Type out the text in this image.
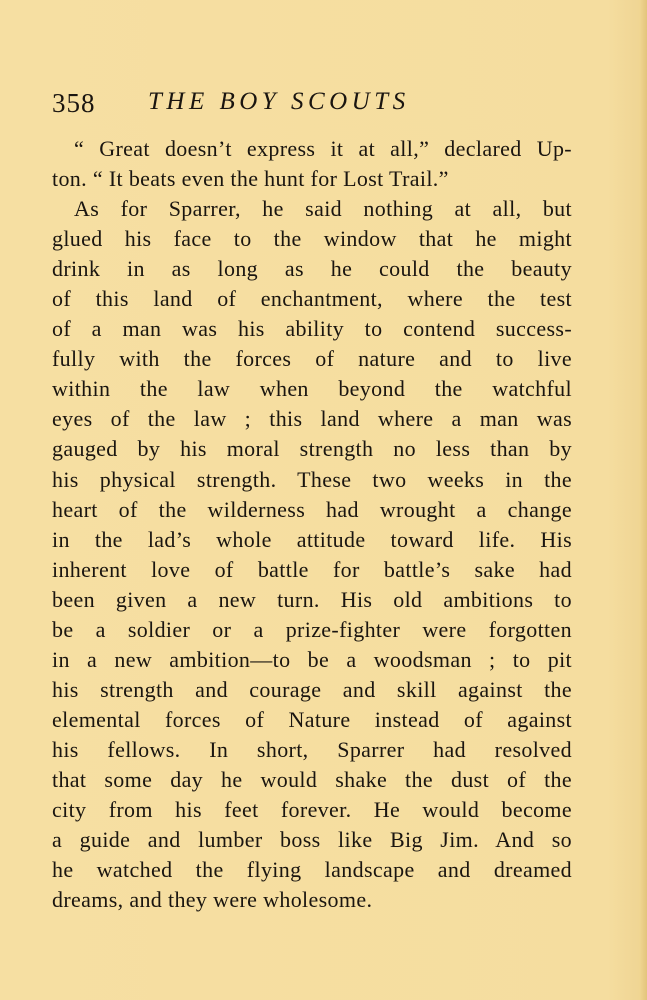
358 THE BOY SCOUTS
“ Great doesn’t express it at all,” declared Up-
ton. “ It beats even the hunt for Lost Trail.”
As for Sparrer, he said nothing at all, but
glued his face to the window that he might
drink in as long as he could the beauty
of this land of enchantment, where the test
of a man was his ability to contend success-
fully with the forces of nature and to live
within the law when beyond the watchful
eyes of the law ; this land where a man was
gauged by his moral strength no less than by
his physical strength. These two weeks in the
heart of the wilderness had wrought a change
in the lad’s whole attitude toward life. His
inherent love of battle for battle’s sake had
been given a new turn. His old ambitions to
be a soldier or a prize-fighter were forgotten
in a new ambition—to be a woodsman ; to pit
his strength and courage and skill against the
elemental forces of Nature instead of against
his fellows. In short, Sparrer had resolved
that some day he would shake the dust of the
city from his feet forever. He would become
a guide and lumber boss like Big Jim. And so
he watched the flying landscape and dreamed
dreams, and they were wholesome.
